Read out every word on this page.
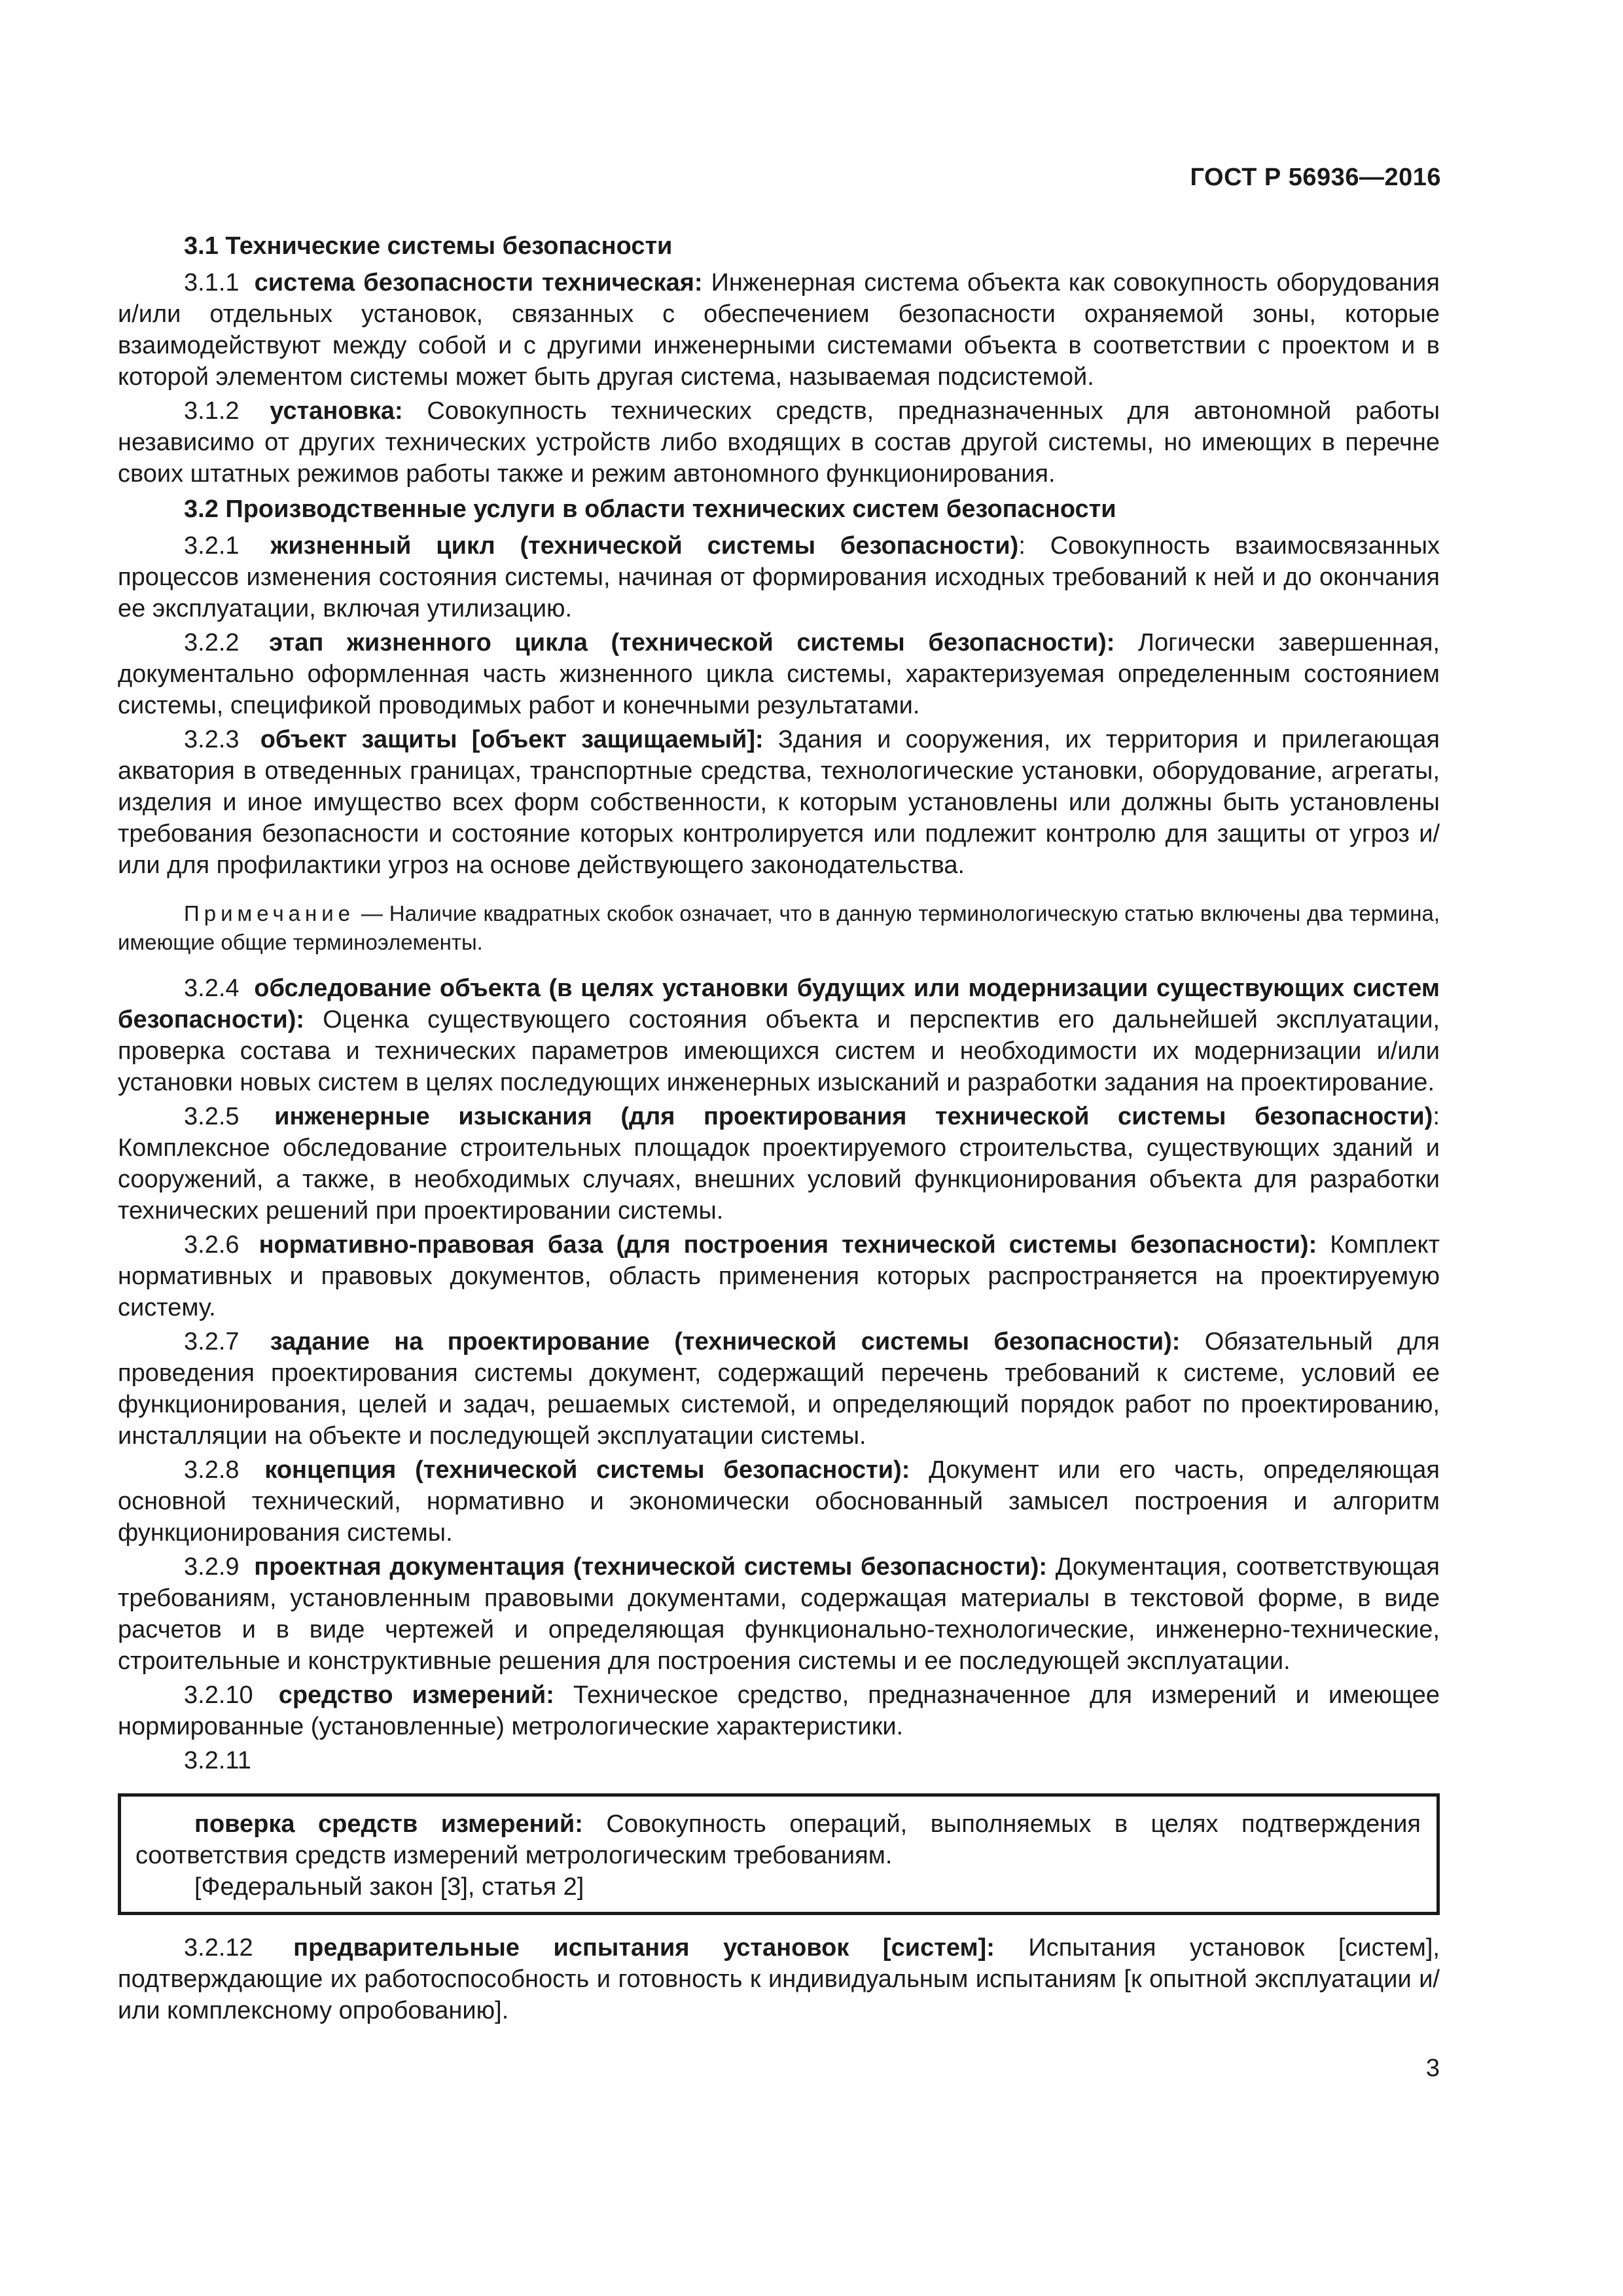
ГОСТ Р 56936—2016

3.1 Технические системы безопасности

3.1.1 система безопасности техническая: Инженерная система объекта как совокупность оборудования и/или отдельных установок, связанных с обеспечением безопасности охраняемой зоны, которые взаимодействуют между собой и с другими инженерными системами объекта в соответствии с проектом и в которой элементом системы может быть другая система, называемая подсистемой.

3.1.2 установка: Совокупность технических средств, предназначенных для автономной работы независимо от других технических устройств либо входящих в состав другой системы, но имеющих в перечне своих штатных режимов работы также и режим автономного функционирования.

3.2 Производственные услуги в области технических систем безопасности

3.2.1 жизненный цикл (технической системы безопасности): Совокупность взаимосвязанных процессов изменения состояния системы, начиная от формирования исходных требований к ней и до окончания ее эксплуатации, включая утилизацию.

3.2.2 этап жизненного цикла (технической системы безопасности): Логически завершенная, документально оформленная часть жизненного цикла системы, характеризуемая определенным состоянием системы, спецификой проводимых работ и конечными результатами.

3.2.3 объект защиты [объект защищаемый]: Здания и сооружения, их территория и прилегающая акватория в отведенных границах, транспортные средства, технологические установки, оборудование, агрегаты, изделия и иное имущество всех форм собственности, к которым установлены или должны быть установлены требования безопасности и состояние которых контролируется или подлежит контролю для защиты от угроз и/или для профилактики угроз на основе действующего законодательства.

Примечание — Наличие квадратных скобок означает, что в данную терминологическую статью включены два термина, имеющие общие терминоэлементы.

3.2.4 обследование объекта (в целях установки будущих или модернизации существующих систем безопасности): Оценка существующего состояния объекта и перспектив его дальнейшей эксплуатации, проверка состава и технических параметров имеющихся систем и необходимости их модернизации и/или установки новых систем в целях последующих инженерных изысканий и разработки задания на проектирование.

3.2.5 инженерные изыскания (для проектирования технической системы безопасности): Комплексное обследование строительных площадок проектируемого строительства, существующих зданий и сооружений, а также, в необходимых случаях, внешних условий функционирования объекта для разработки технических решений при проектировании системы.

3.2.6 нормативно-правовая база (для построения технической системы безопасности): Комплект нормативных и правовых документов, область применения которых распространяется на проектируемую систему.

3.2.7 задание на проектирование (технической системы безопасности): Обязательный для проведения проектирования системы документ, содержащий перечень требований к системе, условий ее функционирования, целей и задач, решаемых системой, и определяющий порядок работ по проектированию, инсталляции на объекте и последующей эксплуатации системы.

3.2.8 концепция (технической системы безопасности): Документ или его часть, определяющая основной технический, нормативно и экономически обоснованный замысел построения и алгоритм функционирования системы.

3.2.9 проектная документация (технической системы безопасности): Документация, соответствующая требованиям, установленным правовыми документами, содержащая материалы в текстовой форме, в виде расчетов и в виде чертежей и определяющая функционально-технологические, инженерно-технические, строительные и конструктивные решения для построения системы и ее последующей эксплуатации.

3.2.10 средство измерений: Техническое средство, предназначенное для измерений и имеющее нормированные (установленные) метрологические характеристики.

3.2.11

поверка средств измерений: Совокупность операций, выполняемых в целях подтверждения соответствия средств измерений метрологическим требованиям.

[Федеральный закон [3], статья 2]

3.2.12 предварительные испытания установок [систем]: Испытания установок [систем], подтверждающие их работоспособность и готовность к индивидуальным испытаниям [к опытной эксплуатации и/или комплексному опробованию].

3
